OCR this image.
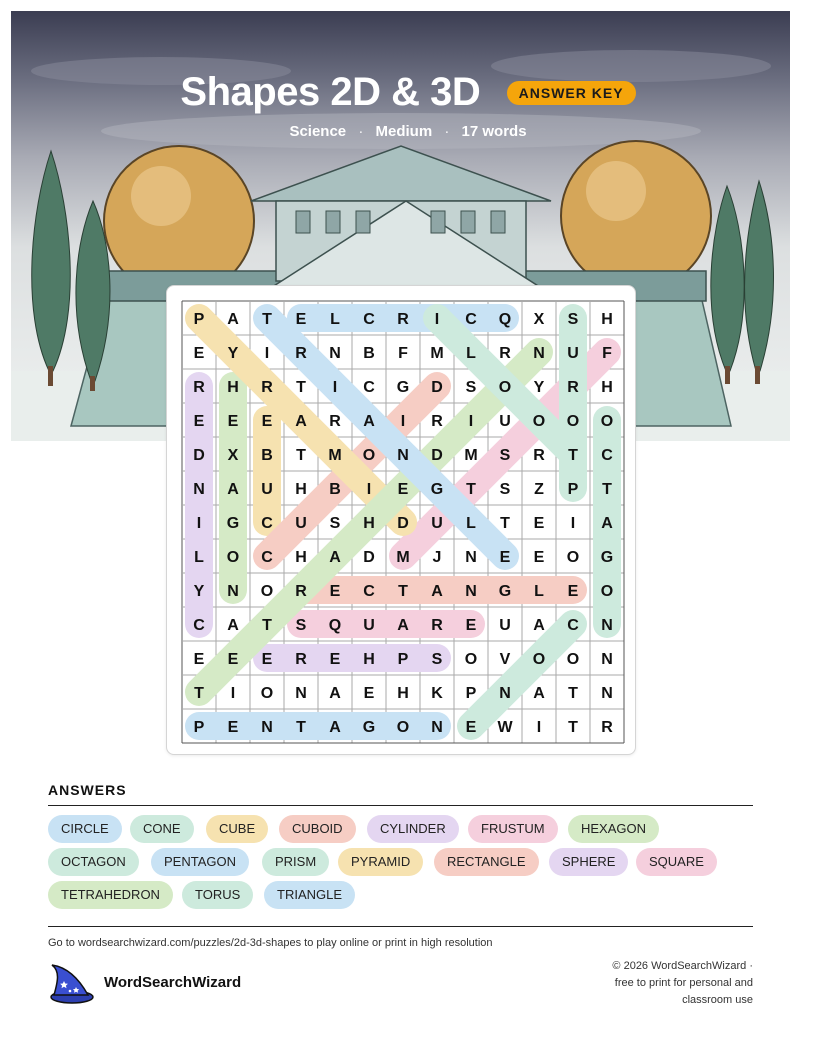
Shapes 2D & 3D	ANSWER KEY
Science · Medium · 17 words
P A T E L C R I C Q X S H
E Y I R N B F M L R N U F
R H R T I C G D S O Y R H
E E E A R A I R I U O O O
D X B T M O N D M S R T C
N A U H B I E G T S Z P T
I G C U S H D U L T E I A
L O C H A D M J N E E O G
Y N O R E C T A N G L E O
C A T S Q U A R E U A C N
E E E R E H P S O V O O N
T I O N A E H K P N A T N
P E N T A G O N E W I T R
ANSWERS
CIRCLE	CONE	CUBE	CUBOID	CYLINDER	FRUSTUM	HEXAGON
OCTAGON	PENTAGON	PRISM	PYRAMID	RECTANGLE	SPHERE	SQUARE
TETRAHEDRON	TORUS	TRIANGLE
Go to wordsearchwizard.com/puzzles/2d-3d-shapes to play online or print in high resolution
WordSearchWizard
© 2026 WordSearchWizard ·
free to print for personal and
classroom use
